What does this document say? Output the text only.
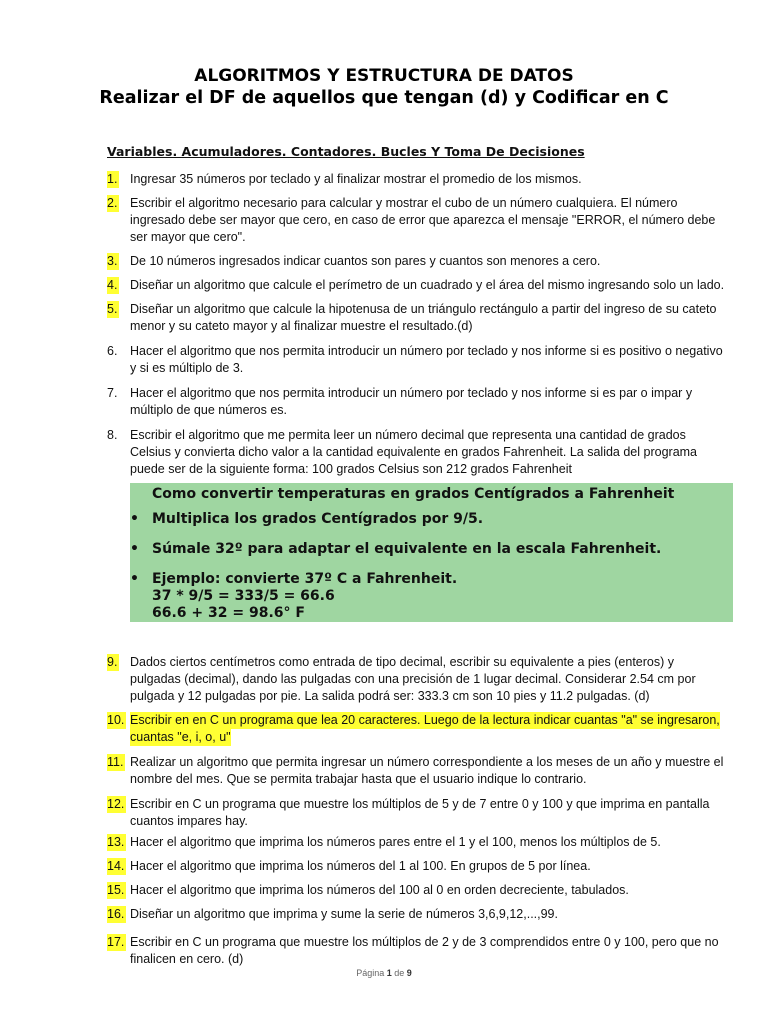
ALGORITMOS Y ESTRUCTURA DE DATOS
Realizar el DF de aquellos que tengan (d) y Codificar en C
Variables. Acumuladores. Contadores. Bucles Y Toma De Decisiones
1. Ingresar 35 números por teclado y al finalizar mostrar el promedio de los mismos.
2. Escribir el algoritmo necesario para calcular y mostrar el cubo de un número cualquiera. El número
ingresado debe ser mayor que cero, en caso de error que aparezca el mensaje "ERROR, el número debe
ser mayor que cero".
3. De 10 números ingresados indicar cuantos son pares y cuantos son menores a cero.
4. Diseñar un algoritmo que calcule el perímetro de un cuadrado y el área del mismo ingresando solo un lado.
5. Diseñar un algoritmo que calcule la hipotenusa de un triángulo rectángulo a partir del ingreso de su cateto
menor y su cateto mayor y al finalizar muestre el resultado.(d)
6. Hacer el algoritmo que nos permita introducir un número por teclado y nos informe si es positivo o negativo
y si es múltiplo de 3.
7. Hacer el algoritmo que nos permita introducir un número por teclado y nos informe si es par o impar y
múltiplo de que números es.
8. Escribir el algoritmo que me permita leer un número decimal que representa una cantidad de grados
Celsius y convierta dicho valor a la cantidad equivalente en grados Fahrenheit. La salida del programa
puede ser de la siguiente forma: 100 grados Celsius son 212 grados Fahrenheit
9. Dados ciertos centímetros como entrada de tipo decimal, escribir su equivalente a pies (enteros) y
pulgadas (decimal), dando las pulgadas con una precisión de 1 lugar decimal. Considerar 2.54 cm por
pulgada y 12 pulgadas por pie. La salida podrá ser: 333.3 cm son 10 pies y 11.2 pulgadas. (d)
10. Escribir en en C un programa que lea 20 caracteres. Luego de la lectura indicar cuantas "a" se ingresaron,
cuantas "e, i, o, u"
11. Realizar un algoritmo que permita ingresar un número correspondiente a los meses de un año y muestre el
nombre del mes. Que se permita trabajar hasta que el usuario indique lo contrario.
12. Escribir en C un programa que muestre los múltiplos de 5 y de 7 entre 0 y 100 y que imprima en pantalla
cuantos impares hay.
13. Hacer el algoritmo que imprima los números pares entre el 1 y el 100, menos los múltiplos de 5.
14. Hacer el algoritmo que imprima los números del 1 al 100. En grupos de 5 por línea.
15. Hacer el algoritmo que imprima los números del 100 al 0 en orden decreciente, tabulados.
16. Diseñar un algoritmo que imprima y sume la serie de números 3,6,9,12,...,99.
17. Escribir en C un programa que muestre los múltiplos de 2 y de 3 comprendidos entre 0 y 100, pero que no
finalicen en cero. (d)
Como convertir temperaturas en grados Centígrados a Fahrenheit
• Multiplica los grados Centígrados por 9/5.
• Súmale 32º para adaptar el equivalente en la escala Fahrenheit.
• Ejemplo: convierte 37º C a Fahrenheit.
37 * 9/5 = 333/5 = 66.6
66.6 + 32 = 98.6° F
Página 1 de 9
